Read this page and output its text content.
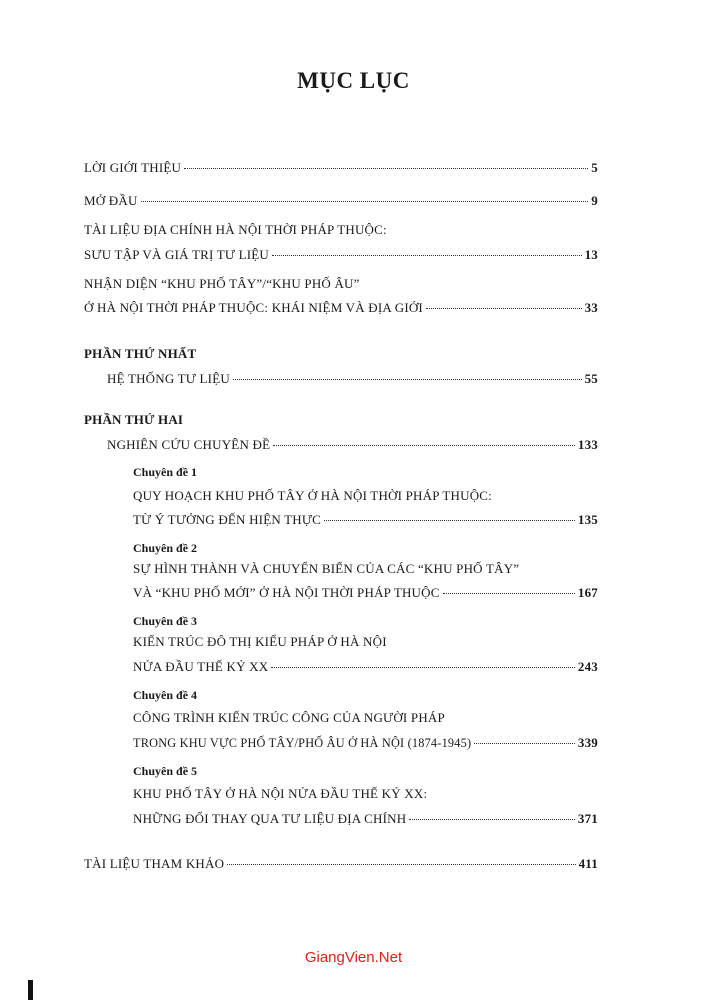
MỤC LỤC
LỜI GIỚI THIỆU	5
MỞ ĐẦU	9
TÀI LIỆU ĐỊA CHÍNH HÀ NỘI THỜI PHÁP THUỘC:
SƯU TẬP VÀ GIÁ TRỊ TƯ LIỆU	13
NHẬN DIỆN “KHU PHỐ TÂY”/“KHU PHỐ ÂU”
Ở HÀ NỘI THỜI PHÁP THUỘC: KHÁI NIỆM VÀ ĐỊA GIỚI	33
PHẦN THỨ NHẤT
HỆ THỐNG TƯ LIỆU	55
PHẦN THỨ HAI
NGHIÊN CỨU CHUYÊN ĐỀ	133
Chuyên đề 1
QUY HOẠCH KHU PHỐ TÂY Ở HÀ NỘI THỜI PHÁP THUỘC:
TỪ Ý TƯỞNG ĐẾN HIỆN THỰC	135
Chuyên đề 2
SỰ HÌNH THÀNH VÀ CHUYỂN BIẾN CỦA CÁC “KHU PHỐ TÂY”
VÀ “KHU PHỐ MỚI” Ở HÀ NỘI THỜI PHÁP THUỘC	167
Chuyên đề 3
KIẾN TRÚC ĐÔ THỊ KIỂU PHÁP Ở HÀ NỘI
NỬA ĐẦU THẾ KỶ XX	243
Chuyên đề 4
CÔNG TRÌNH KIẾN TRÚC CÔNG CỦA NGƯỜI PHÁP
TRONG KHU VỰC PHỐ TÂY/PHỐ ÂU Ở HÀ NỘI (1874-1945)	339
Chuyên đề 5
KHU PHỐ TÂY Ở HÀ NỘI NỬA ĐẦU THẾ KỶ XX:
NHỮNG ĐỔI THAY QUA TƯ LIỆU ĐỊA CHÍNH	371
TÀI LIỆU THAM KHẢO	411
GiangVien.Net
